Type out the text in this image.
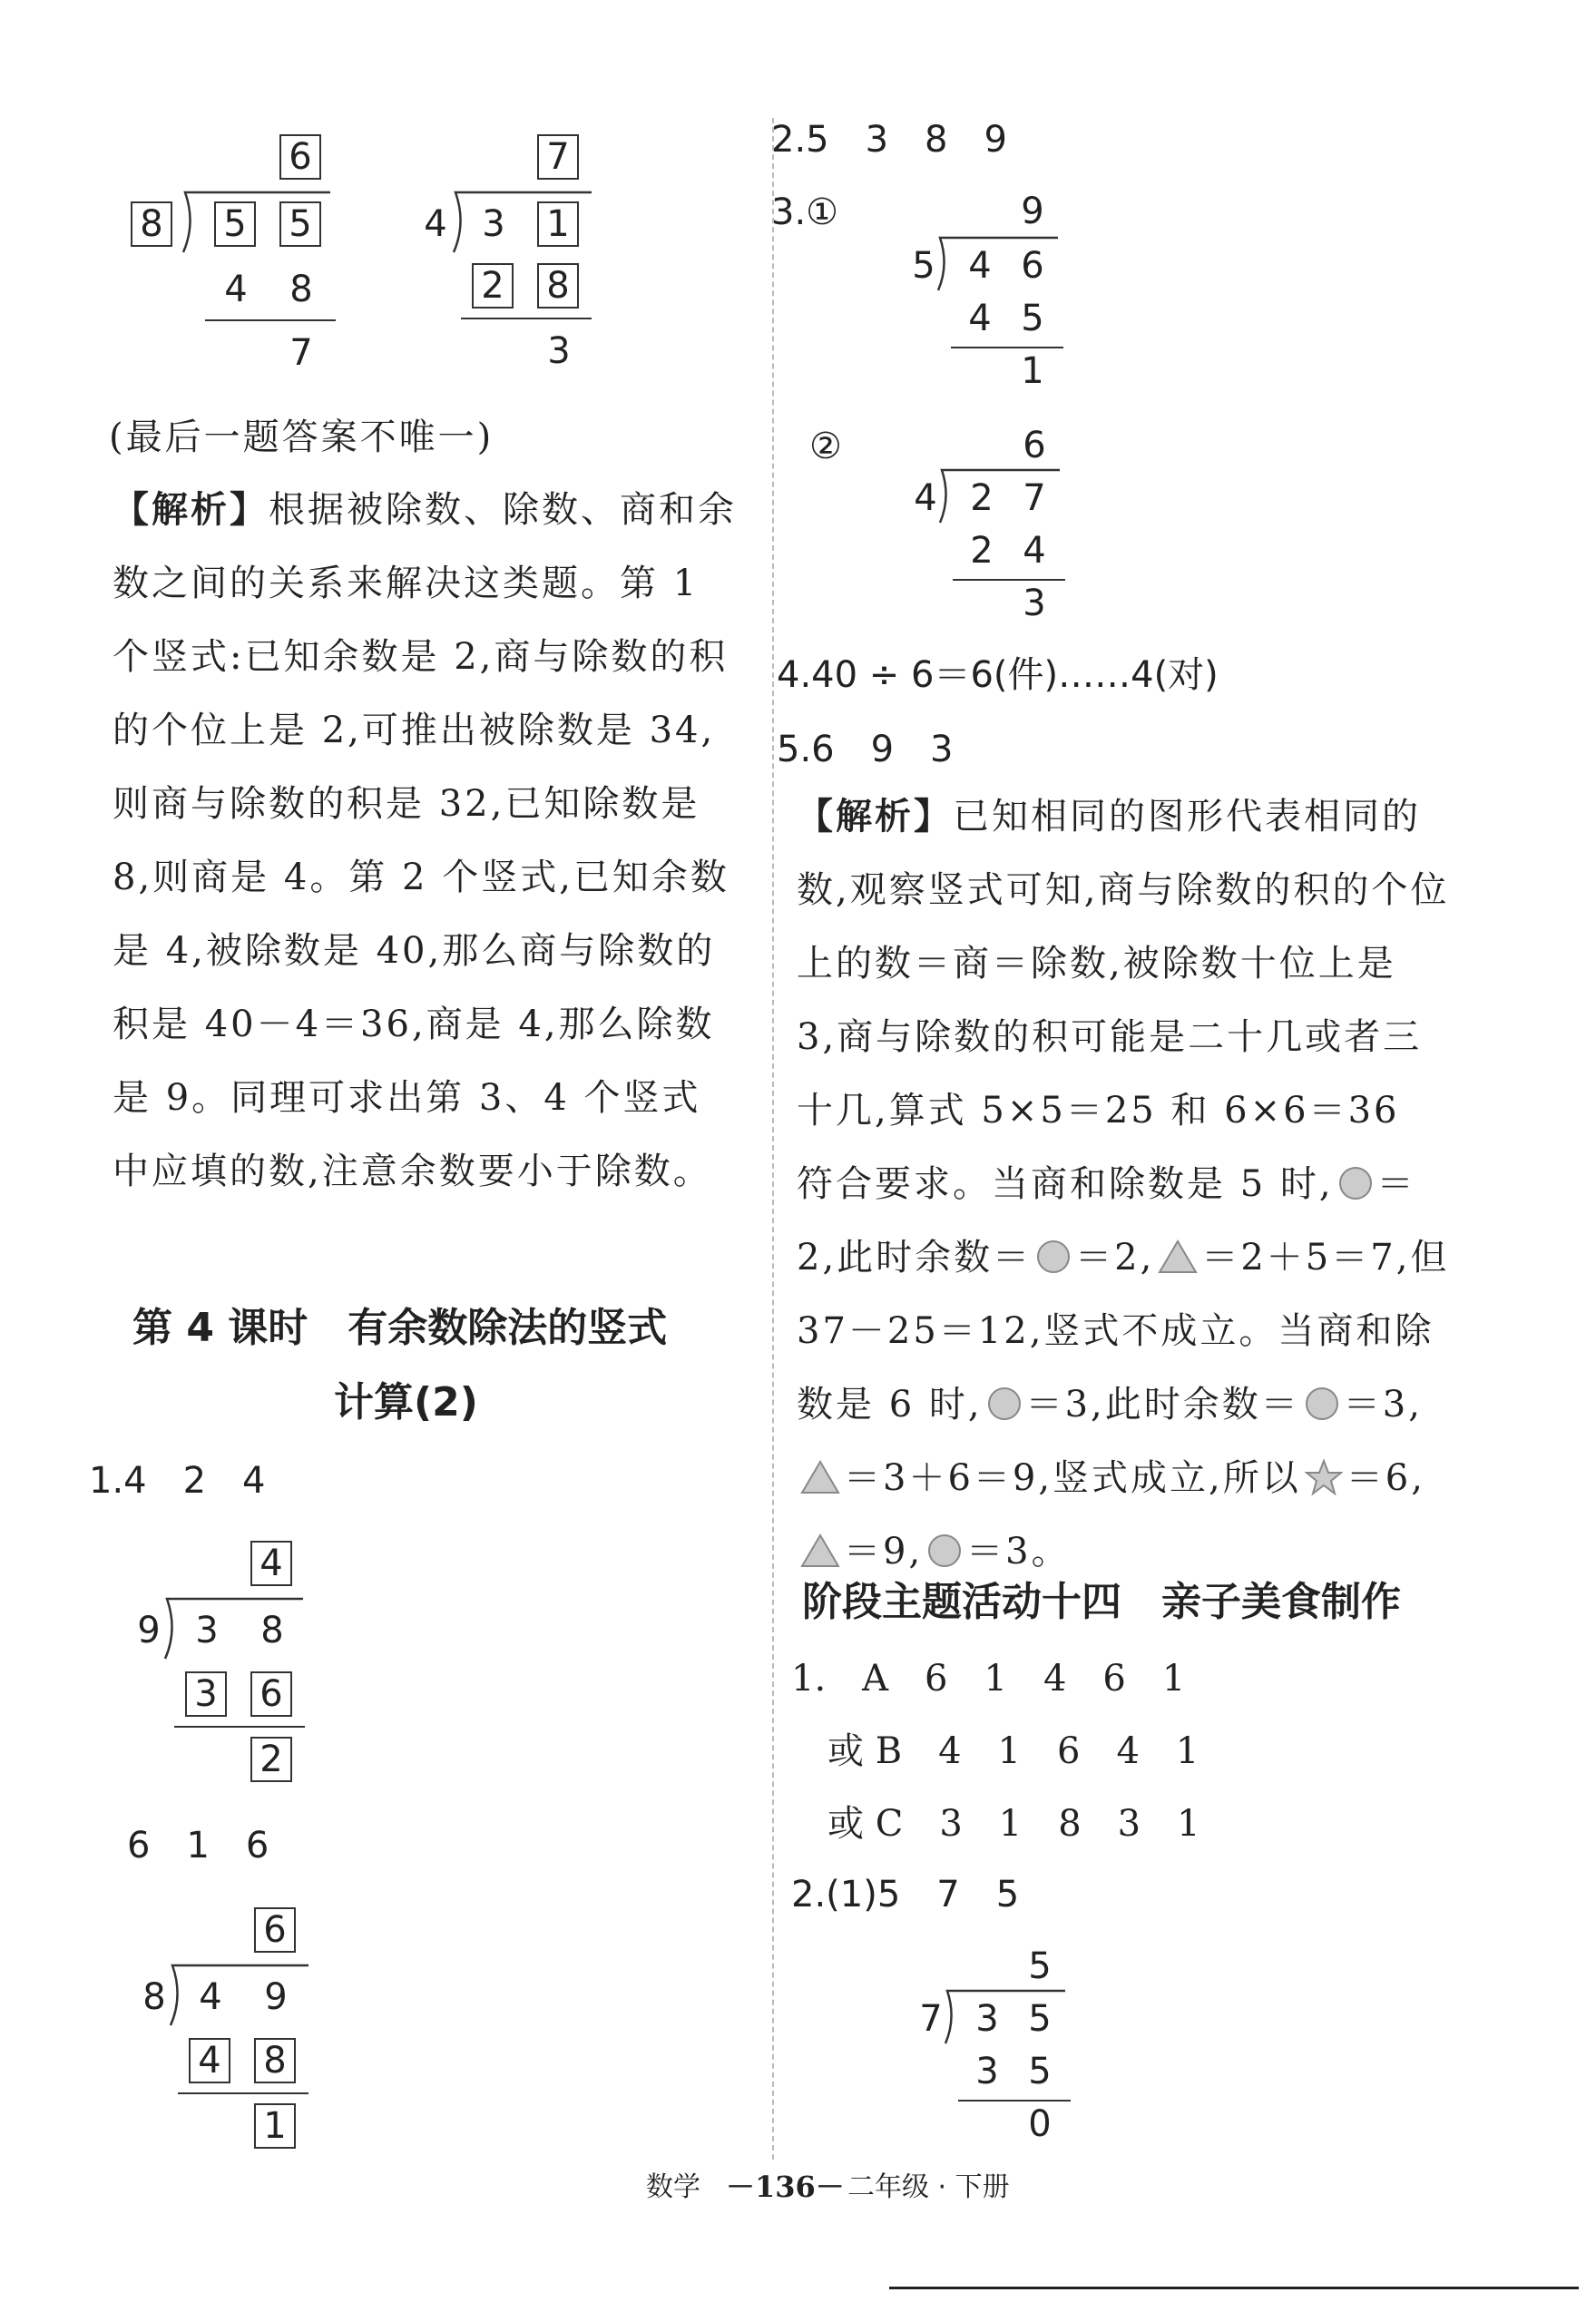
6
8 5 5
4 8
7
7
4 3 1
2 8
3
(最后一题答案不唯一)
【解析】根据被除数、除数、商和余数之间的关系来解决这类题。第 1 个竖式:已知余数是 2,商与除数的积的个位上是 2,可推出被除数是 34,则商与除数的积是 32,已知除数是 8,则商是 4。第 2 个竖式,已知余数是 4,被除数是 40,那么商与除数的积是 40－4＝36,商是 4,那么除数是 9。同理可求出第 3、4 个竖式中应填的数,注意余数要小于除数。
第 4 课时　有余数除法的竖式
计算(2)
1.4　2　4
4
9 3 8
3 6
2
6　1　6
6
8 4 9
4 8
1
2.5　3　8　9
3.①	9
5 4 6
4 5
1
②	6
4 2 7
2 4
3
4.40 ÷ 6＝6(件)……4(对)
5.6　9　3
【解析】已知相同的图形代表相同的数,观察竖式可知,商与除数的积的个位上的数＝商＝除数,被除数十位上是 3,商与除数的积可能是二十几或者三十几,算式 5×5＝25 和 6×6＝36 符合要求。当商和除数是 5 时, ＝2,此时余数＝ ＝2, ＝2＋5＝7,但 37－25＝12,竖式不成立。当商和除数是 6 时, ＝3,此时余数＝ ＝3,＝3＋6＝9,竖式成立,所以 ＝6,＝9, ＝3。
阶段主题活动十四　亲子美食制作
1.　A　6　1　4　6　1
或 B　4　1　6　4　1
或 C　3　1　8　3　1
2.(1)5　7　5
5
7 3 5
3 5
0
数学 －136－ 二年级 · 下册
